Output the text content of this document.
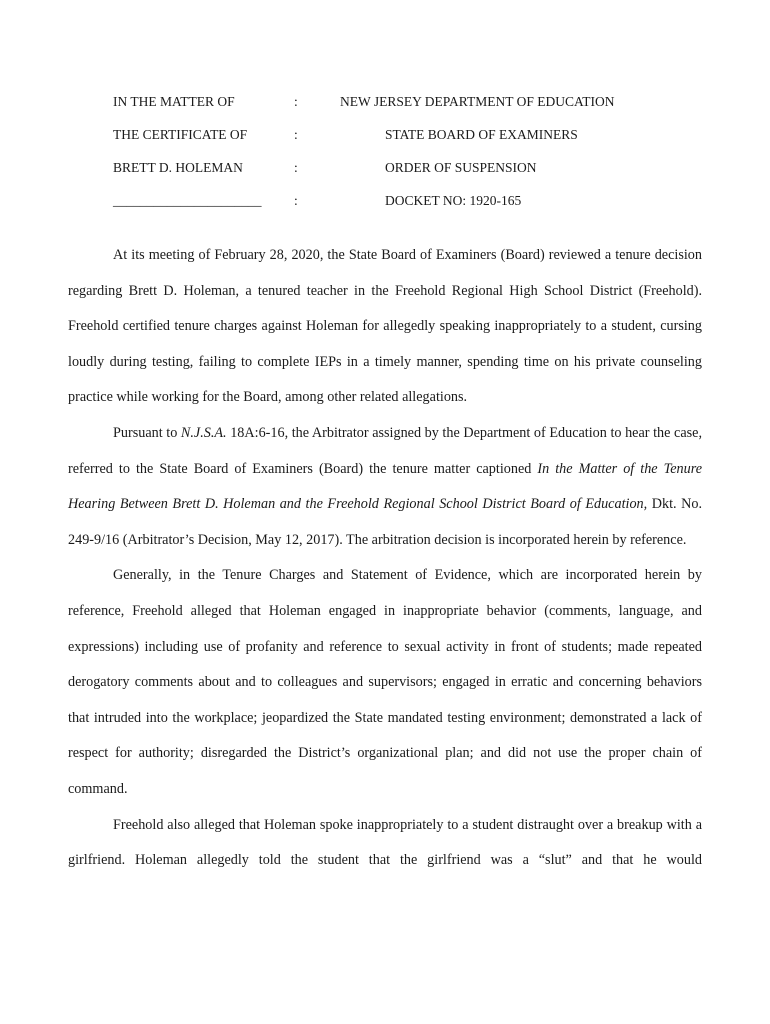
IN THE MATTER OF	:	NEW JERSEY DEPARTMENT OF EDUCATION
THE CERTIFICATE OF	:	STATE BOARD OF EXAMINERS
BRETT D. HOLEMAN	:	ORDER OF SUSPENSION
______________________ :	DOCKET NO: 1920-165

At its meeting of February 28, 2020, the State Board of Examiners (Board) reviewed a tenure decision regarding Brett D. Holeman, a tenured teacher in the Freehold Regional High School District (Freehold). Freehold certified tenure charges against Holeman for allegedly speaking inappropriately to a student, cursing loudly during testing, failing to complete IEPs in a timely manner, spending time on his private counseling practice while working for the Board, among other related allegations.

Pursuant to N.J.S.A. 18A:6-16, the Arbitrator assigned by the Department of Education to hear the case, referred to the State Board of Examiners (Board) the tenure matter captioned In the Matter of the Tenure Hearing Between Brett D. Holeman and the Freehold Regional School District Board of Education, Dkt. No. 249-9/16 (Arbitrator’s Decision, May 12, 2017). The arbitration decision is incorporated herein by reference.

Generally, in the Tenure Charges and Statement of Evidence, which are incorporated herein by reference, Freehold alleged that Holeman engaged in inappropriate behavior (comments, language, and expressions) including use of profanity and reference to sexual activity in front of students; made repeated derogatory comments about and to colleagues and supervisors; engaged in erratic and concerning behaviors that intruded into the workplace; jeopardized the State mandated testing environment; demonstrated a lack of respect for authority; disregarded the District’s organizational plan; and did not use the proper chain of command.

Freehold also alleged that Holeman spoke inappropriately to a student distraught over a breakup with a girlfriend. Holeman allegedly told the student that the girlfriend was a “slut” and that he would
